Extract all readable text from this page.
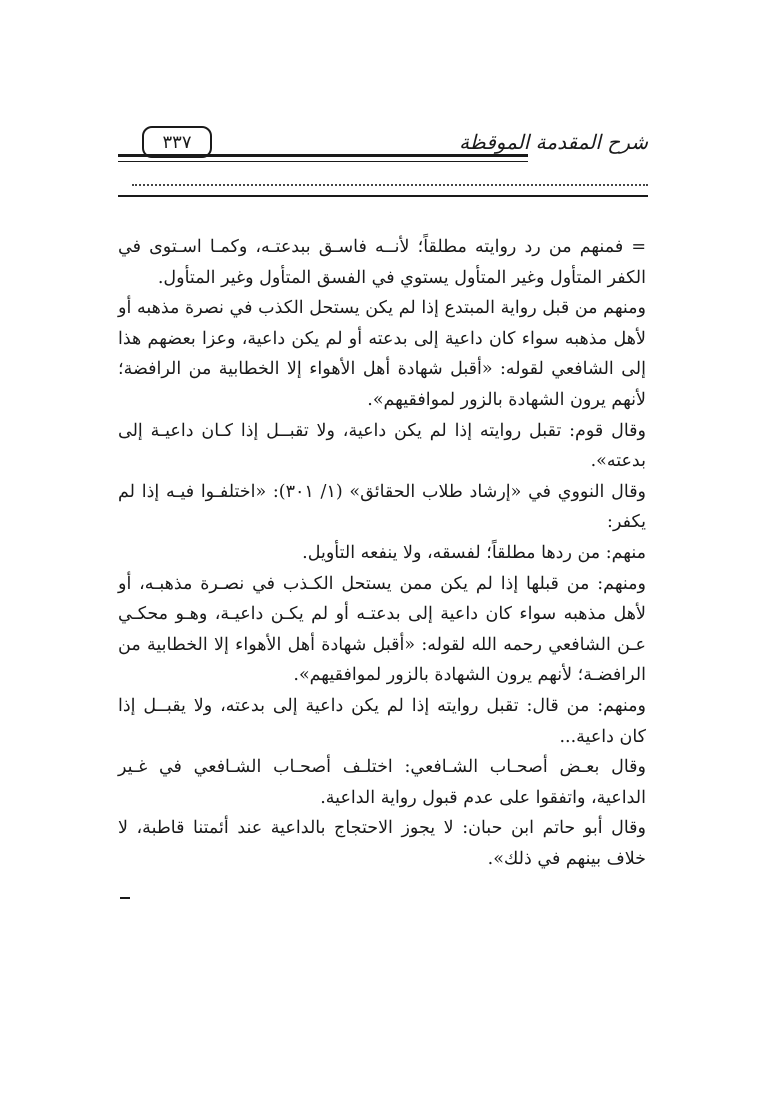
٣٣٧	شرح المقدمة الموقظة

= فمنهم من رد روايته مطلقاً؛ لأنــه فاسـق ببدعتـه، وكمـا اسـتوى في الكفر المتأول وغير المتأول يستوي في الفسق المتأول وغير المتأول.

ومنهم من قبل رواية المبتدع إذا لم يكن يستحل الكذب في نصرة مذهبه أو لأهل مذهبه سواء كان داعية إلى بدعته أو لم يكن داعية، وعزا بعضهم هذا إلى الشافعي لقوله: «أقبل شهادة أهل الأهواء إلا الخطابية من الرافضة؛ لأنهم يرون الشهادة بالزور لموافقيهم».

وقال قوم: تقبل روايته إذا لم يكن داعية، ولا تقبــل إذا كـان داعيـة إلى بدعته».

وقال النووي في «إرشاد طلاب الحقائق» (١/ ٣٠١): «اختلفـوا فيـه إذا لم يكفر:

منهم: من ردها مطلقاً؛ لفسقه، ولا ينفعه التأويل.

ومنهم: من قبلها إذا لم يكن ممن يستحل الكـذب في نصـرة مذهبـه، أو لأهل مذهبه سواء كان داعية إلى بدعتـه أو لم يكـن داعيـة، وهـو محكـي عـن الشافعي رحمه الله لقوله: «أقبل شهادة أهل الأهواء إلا الخطابية من الرافضـة؛ لأنهم يرون الشهادة بالزور لموافقيهم».

ومنهم: من قال: تقبل روايته إذا لم يكن داعية إلى بدعته، ولا يقبــل إذا كان داعية...

وقال بعـض أصحـاب الشـافعي: اختلـف أصحـاب الشـافعي في غـير الداعية، واتفقوا على عدم قبول رواية الداعية.

وقال أبو حاتم ابن حبان: لا يجوز الاحتجاج بالداعية عند أئمتنا قاطبة، لا خلاف بينهم في ذلك».
